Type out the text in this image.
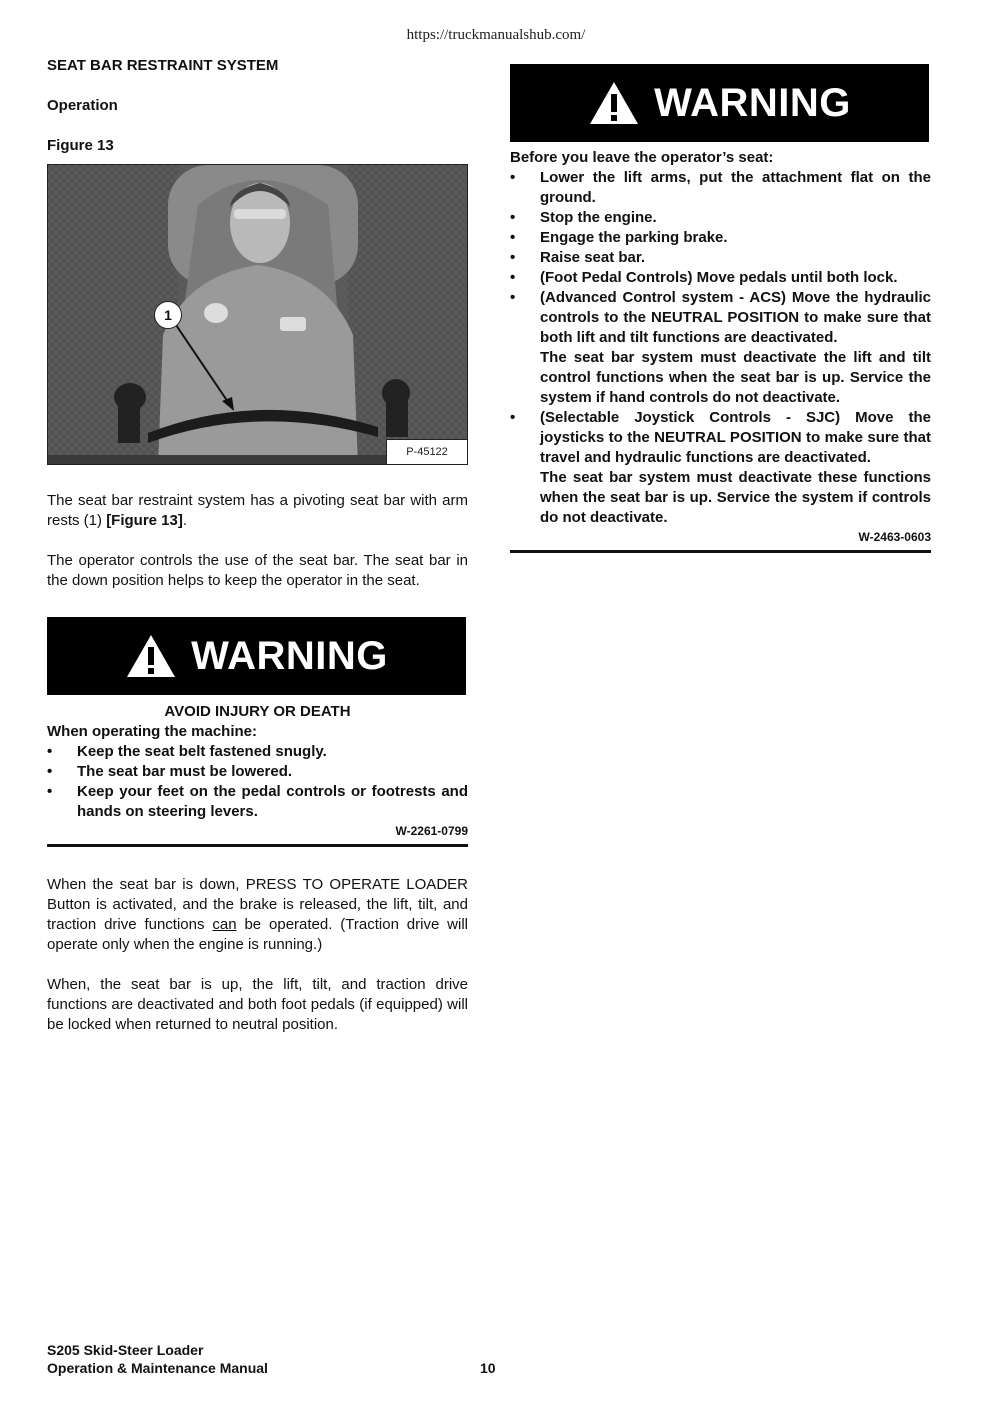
https://truckmanualshub.com/
SEAT BAR RESTRAINT SYSTEM
Operation
Figure 13
1
P-45122
The seat bar restraint system has a pivoting seat bar with arm rests (1) [Figure 13].
The operator controls the use of the seat bar. The seat bar in the down position helps to keep the operator in the seat.
WARNING
AVOID INJURY OR DEATH
When operating the machine:
• Keep the seat belt fastened snugly.
• The seat bar must be lowered.
• Keep your feet on the pedal controls or footrests and hands on steering levers.
W-2261-0799
When the seat bar is down, PRESS TO OPERATE LOADER Button is activated, and the brake is released, the lift, tilt, and traction drive functions can be operated. (Traction drive will operate only when the engine is running.)
When, the seat bar is up, the lift, tilt, and traction drive functions are deactivated and both foot pedals (if equipped) will be locked when returned to neutral position.
WARNING
Before you leave the operator’s seat:
• Lower the lift arms, put the attachment flat on the ground.
• Stop the engine.
• Engage the parking brake.
• Raise seat bar.
• (Foot Pedal Controls) Move pedals until both lock.
• (Advanced Control system - ACS) Move the hydraulic controls to the NEUTRAL POSITION to make sure that both lift and tilt functions are deactivated.
The seat bar system must deactivate the lift and tilt control functions when the seat bar is up. Service the system if hand controls do not deactivate.
• (Selectable Joystick Controls - SJC) Move the joysticks to the NEUTRAL POSITION to make sure that travel and hydraulic functions are deactivated.
The seat bar system must deactivate these functions when the seat bar is up. Service the system if controls do not deactivate.
W-2463-0603
S205 Skid-Steer Loader
Operation & Maintenance Manual	10
